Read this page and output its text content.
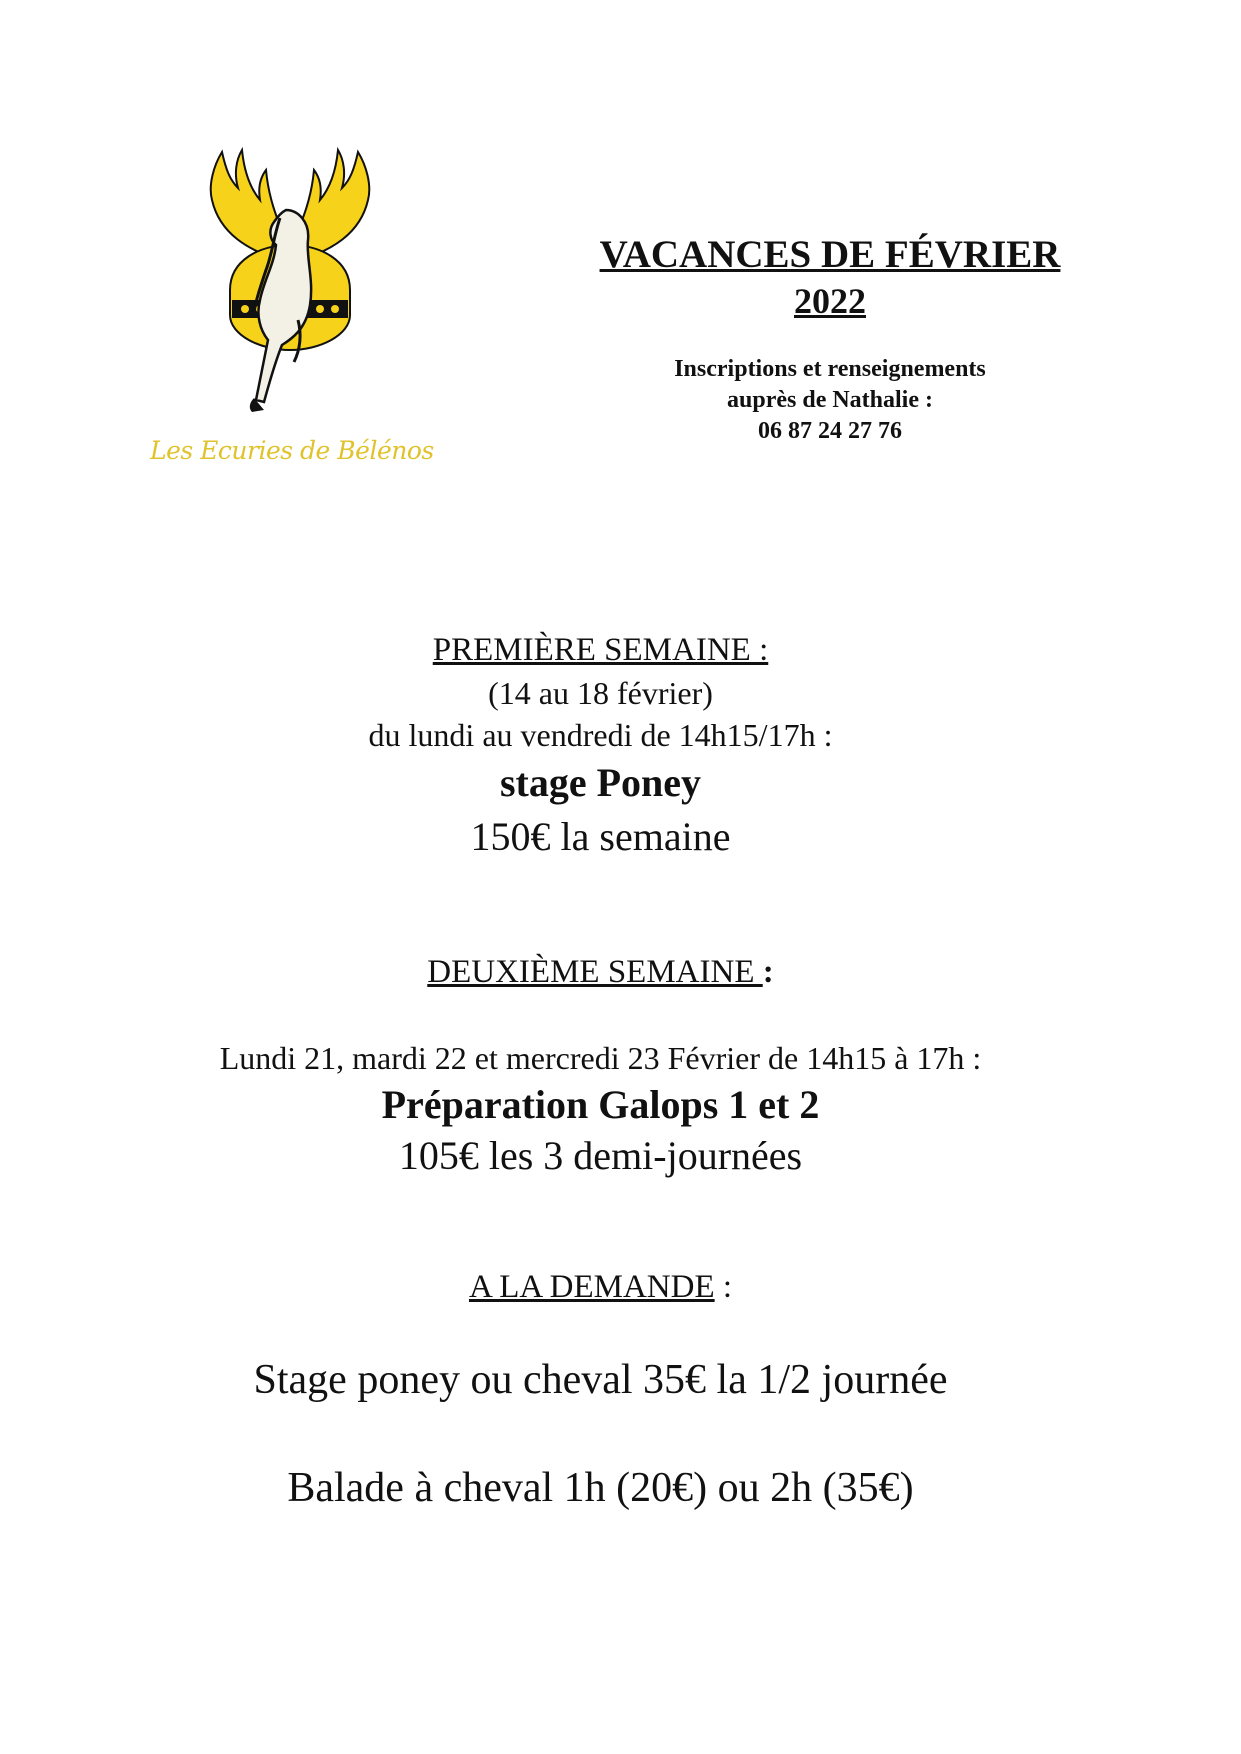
Les Ecuries de Bélénos
VACANCES DE FÉVRIER
2022
Inscriptions et renseignements
auprès de Nathalie :
06 87 24 27 76
PREMIÈRE SEMAINE :
(14 au 18 février)
du lundi au vendredi de 14h15/17h :
stage Poney
150€ la semaine
DEUXIÈME SEMAINE :
Lundi 21, mardi 22 et mercredi 23 Février de 14h15 à 17h :
Préparation Galops 1 et 2
105€ les 3 demi-journées
A LA DEMANDE :
Stage poney ou cheval 35€ la 1/2 journée
Balade à cheval 1h (20€) ou 2h (35€)
